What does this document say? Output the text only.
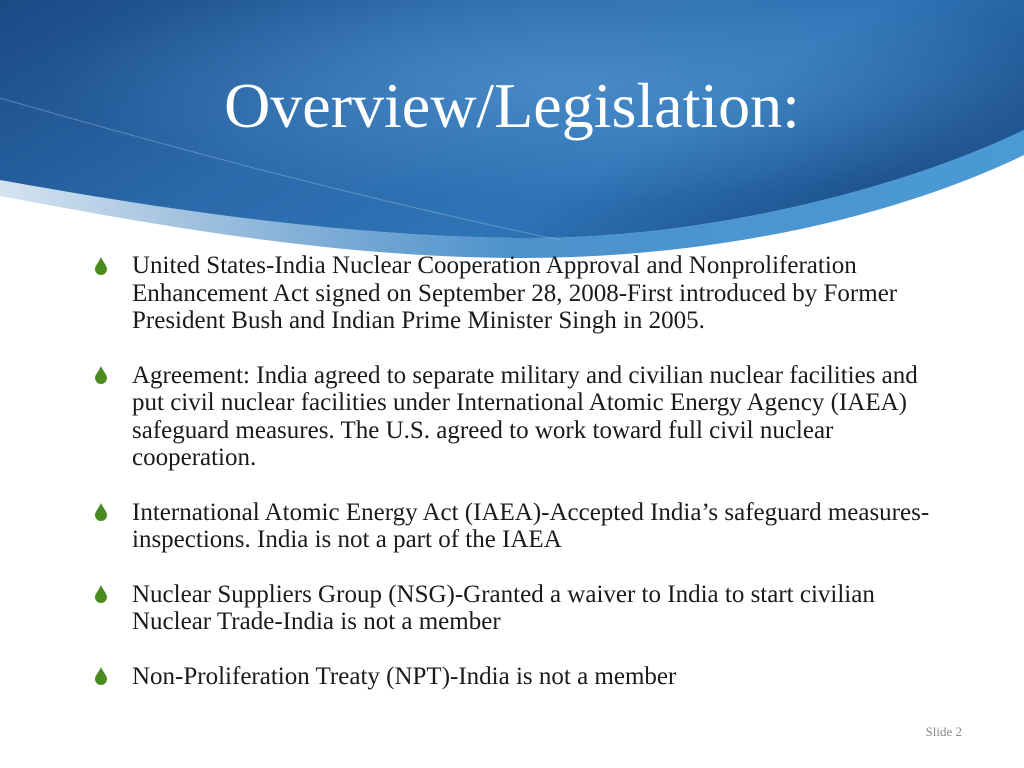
Overview/Legislation:
United States-India Nuclear Cooperation Approval and Nonproliferation Enhancement Act signed on September 28, 2008-First introduced by Former President Bush and Indian Prime Minister Singh in 2005.
Agreement: India agreed to separate military and civilian nuclear facilities and put civil nuclear facilities under International Atomic Energy Agency (IAEA) safeguard measures. The U.S. agreed to work toward full civil nuclear cooperation.
International Atomic Energy Act (IAEA)-Accepted India’s safeguard measures-inspections. India is not a part of the IAEA
Nuclear Suppliers Group (NSG)-Granted a waiver to India to start civilian Nuclear Trade-India is not a member
Non-Proliferation Treaty (NPT)-India is not a member
Slide 2
